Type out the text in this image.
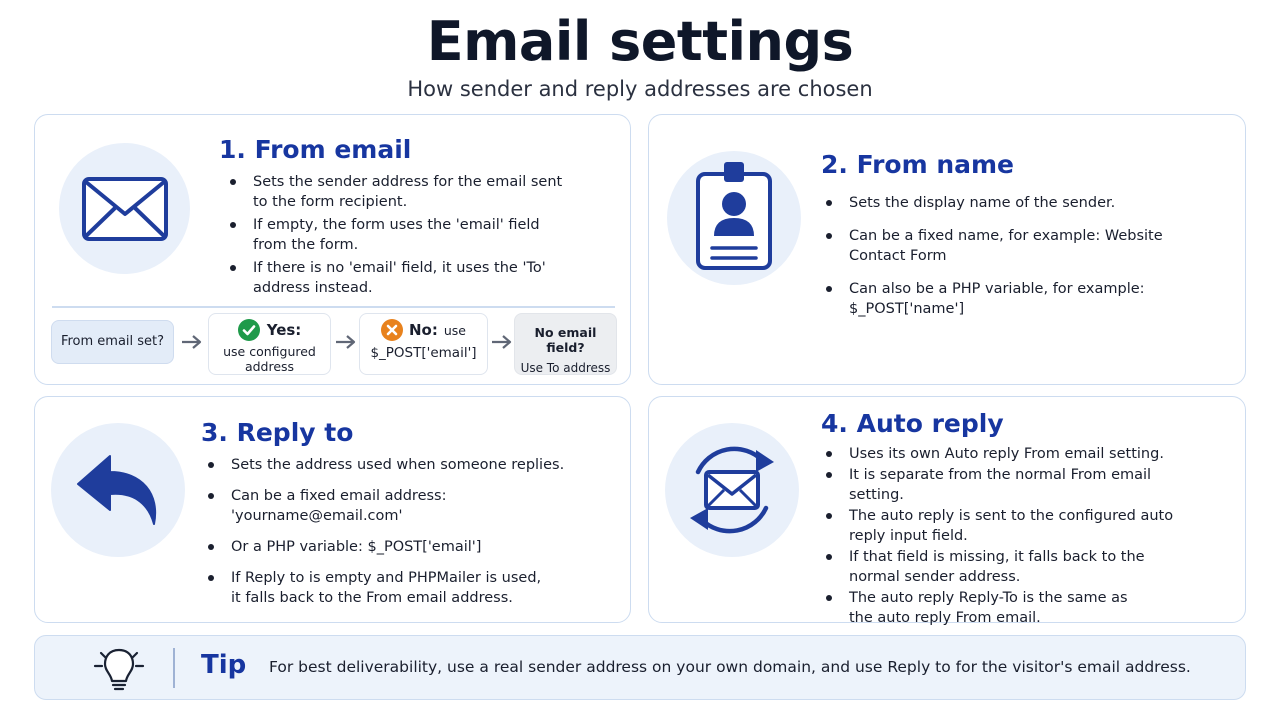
Email settings
How sender and reply addresses are chosen
1. From email
Sets the sender address for the email sent to the form recipient.
If empty, the form uses the 'email' field from the form.
If there is no 'email' field, it uses the 'To' address instead.
From email set?
Yes:
use configured address
No: use
$_POST['email']
No email field?
Use To address
2. From name
Sets the display name of the sender.
Can be a fixed name, for example: Website Contact Form
Can also be a PHP variable, for example: $_POST['name']
3. Reply to
Sets the address used when someone replies.
Can be a fixed email address: 'yourname@email.com'
Or a PHP variable: $_POST['email']
If Reply to is empty and PHPMailer is used, it falls back to the From email address.
4. Auto reply
Uses its own Auto reply From email setting.
It is separate from the normal From email setting.
The auto reply is sent to the configured auto reply input field.
If that field is missing, it falls back to the normal sender address.
The auto reply Reply-To is the same as the auto reply From email.
Tip For best deliverability, use a real sender address on your own domain, and use Reply to for the visitor's email address.
